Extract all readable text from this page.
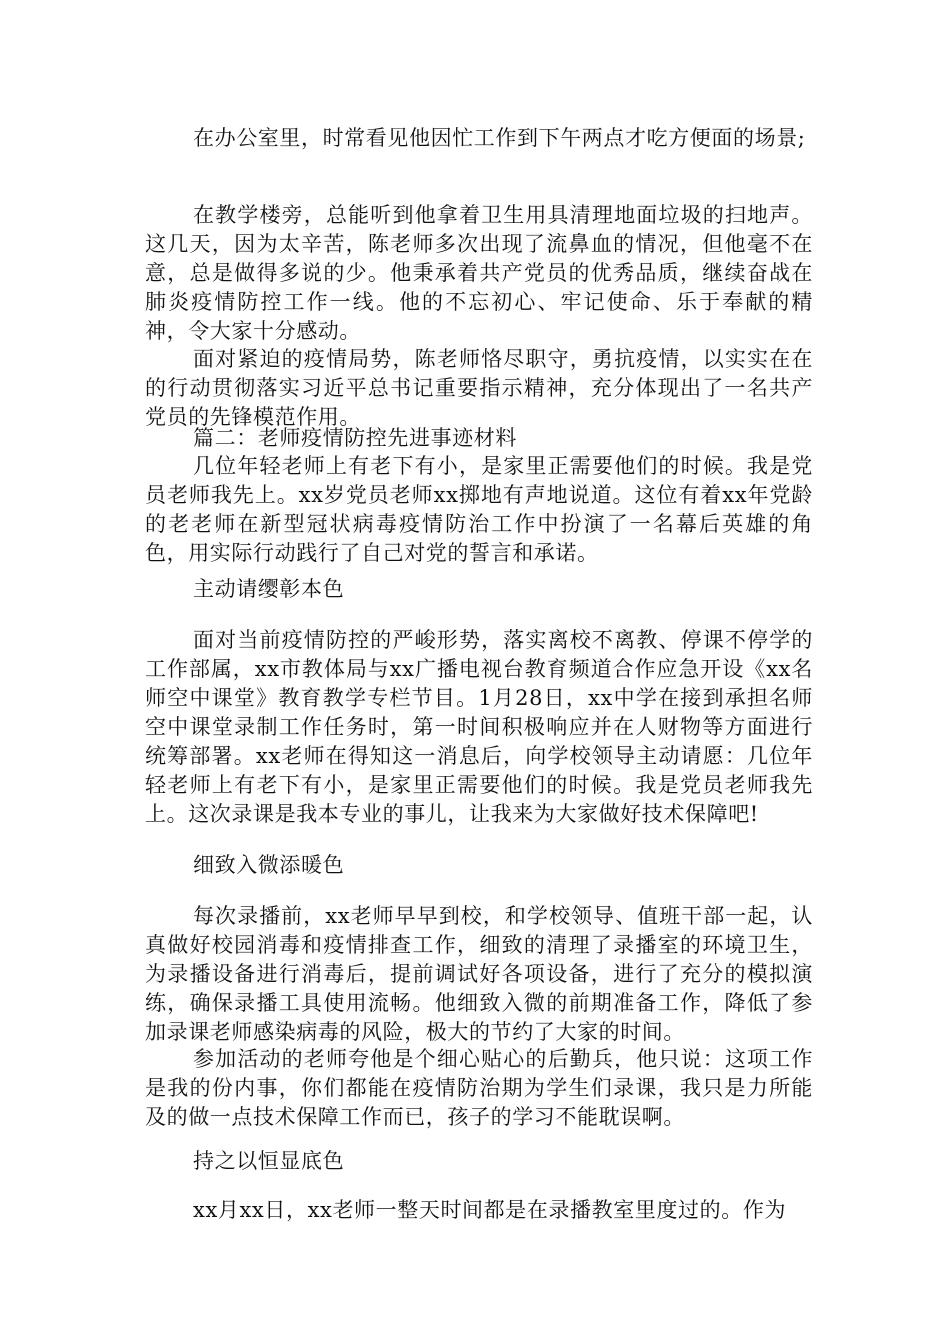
在办公室里，时常看见他因忙工作到下午两点才吃方便面的场景;

在教学楼旁，总能听到他拿着卫生用具清理地面垃圾的扫地声。这几天，因为太辛苦，陈老师多次出现了流鼻血的情况，但他毫不在意，总是做得多说的少。他秉承着共产党员的优秀品质，继续奋战在肺炎疫情防控工作一线。他的不忘初心、牢记使命、乐于奉献的精神，令大家十分感动。

面对紧迫的疫情局势，陈老师恪尽职守，勇抗疫情，以实实在在的行动贯彻落实习近平总书记重要指示精神，充分体现出了一名共产党员的先锋模范作用。

篇二：老师疫情防控先进事迹材料

几位年轻老师上有老下有小，是家里正需要他们的时候。我是党员老师我先上。xx岁党员老师xx掷地有声地说道。这位有着xx年党龄的老老师在新型冠状病毒疫情防治工作中扮演了一名幕后英雄的角色，用实际行动践行了自己对党的誓言和承诺。

主动请缨彰本色

面对当前疫情防控的严峻形势，落实离校不离教、停课不停学的工作部属，xx市教体局与xx广播电视台教育频道合作应急开设《xx名师空中课堂》教育教学专栏节目。1月28日，xx中学在接到承担名师空中课堂录制工作任务时，第一时间积极响应并在人财物等方面进行统筹部署。xx老师在得知这一消息后，向学校领导主动请愿：几位年轻老师上有老下有小，是家里正需要他们的时候。我是党员老师我先上。这次录课是我本专业的事儿，让我来为大家做好技术保障吧!

细致入微添暖色

每次录播前，xx老师早早到校，和学校领导、值班干部一起，认真做好校园消毒和疫情排查工作，细致的清理了录播室的环境卫生，为录播设备进行消毒后，提前调试好各项设备，进行了充分的模拟演练，确保录播工具使用流畅。他细致入微的前期准备工作，降低了参加录课老师感染病毒的风险，极大的节约了大家的时间。

参加活动的老师夸他是个细心贴心的后勤兵，他只说：这项工作是我的份内事，你们都能在疫情防治期为学生们录课，我只是力所能及的做一点技术保障工作而已，孩子的学习不能耽误啊。

持之以恒显底色

xx月xx日，xx老师一整天时间都是在录播教室里度过的。作为
